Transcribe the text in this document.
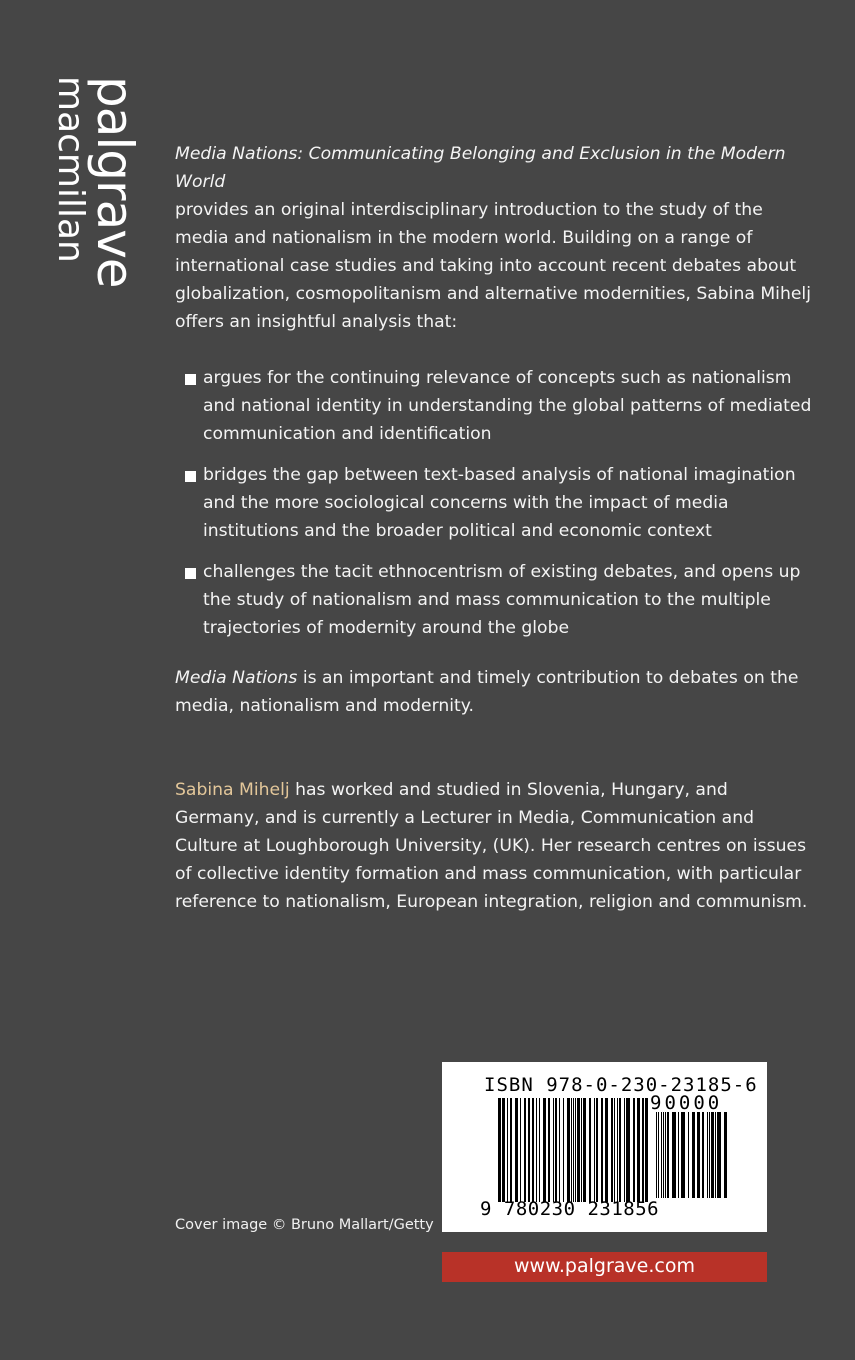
palgrave
macmillan	Media Nations: Communicating Belonging and Exclusion in the Modern World
provides an original interdisciplinary introduction to the study of the media and nationalism in the modern world. Building on a range of international case studies and taking into account recent debates about globalization, cosmopolitanism and alternative modernities, Sabina Mihelj offers an insightful analysis that:

argues for the continuing relevance of concepts such as nationalism and national identity in understanding the global patterns of mediated communication and identification
bridges the gap between text-based analysis of national imagination and the more sociological concerns with the impact of media institutions and the broader political and economic context
challenges the tacit ethnocentrism of existing debates, and opens up the study of nationalism and mass communication to the multiple trajectories of modernity around the globe

Media Nations is an important and timely contribution to debates on the media, nationalism and modernity.

Sabina Mihelj has worked and studied in Slovenia, Hungary, and Germany, and is currently a Lecturer in Media, Communication and Culture at Loughborough University, (UK). Her research centres on issues of collective identity formation and mass communication, with particular reference to nationalism, European integration, religion and communism.

Cover image © Bruno Mallart/Getty
ISBN 978-0-230-23185-6
90000
9 780230 231856
www.palgrave.com
